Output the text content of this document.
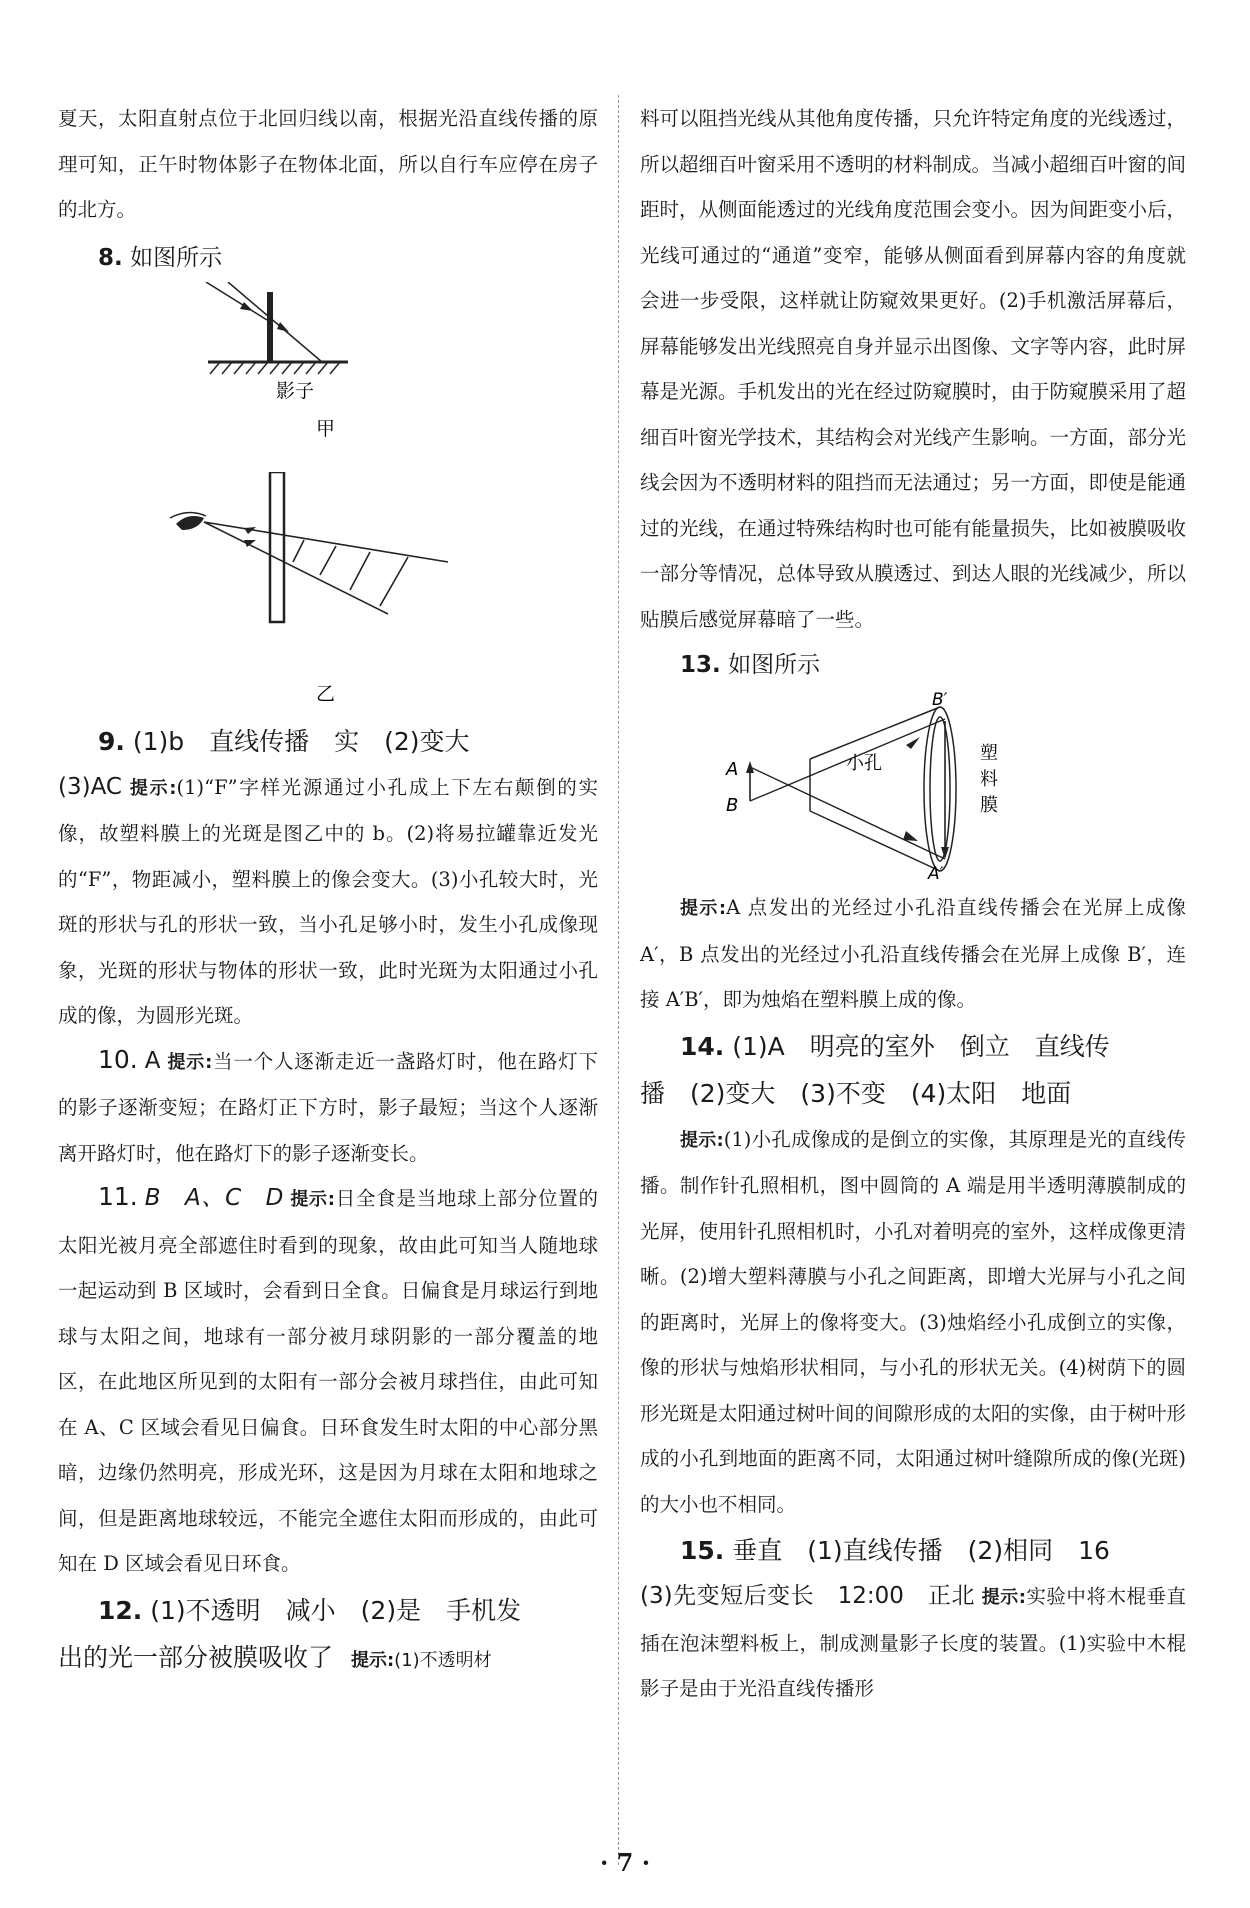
夏天，太阳直射点位于北回归线以南，根据光沿直线传播的原理可知，正午时物体影子在物体北面，所以自行车应停在房子的北方。

8. 如图所示

影子
甲
乙

9. (1)b　直线传播　实　(2)变大

(3)AC 提示:(1)“F”字样光源通过小孔成上下左右颠倒的实像，故塑料膜上的光斑是图乙中的 b。(2)将易拉罐靠近发光的“F”，物距减小，塑料膜上的像会变大。(3)小孔较大时，光斑的形状与孔的形状一致，当小孔足够小时，发生小孔成像现象，光斑的形状与物体的形状一致，此时光斑为太阳通过小孔成的像，为圆形光斑。

10. A 提示:当一个人逐渐走近一盏路灯时，他在路灯下的影子逐渐变短；在路灯正下方时，影子最短；当这个人逐渐离开路灯时，他在路灯下的影子逐渐变长。

11. B　A、C　D 提示:日全食是当地球上部分位置的太阳光被月亮全部遮住时看到的现象，故由此可知当人随地球一起运动到 B 区域时，会看到日全食。日偏食是月球运行到地球与太阳之间，地球有一部分被月球阴影的一部分覆盖的地区，在此地区所见到的太阳有一部分会被月球挡住，由此可知在 A、C 区域会看见日偏食。日环食发生时太阳的中心部分黑暗，边缘仍然明亮，形成光环，这是因为月球在太阳和地球之间，但是距离地球较远，不能完全遮住太阳而形成的，由此可知在 D 区域会看见日环食。

12. (1)不透明　减小　(2)是　手机发

出的光一部分被膜吸收了 提示:(1)不透明材

料可以阻挡光线从其他角度传播，只允许特定角度的光线透过，所以超细百叶窗采用不透明的材料制成。当减小超细百叶窗的间距时，从侧面能透过的光线角度范围会变小。因为间距变小后，光线可通过的“通道”变窄，能够从侧面看到屏幕内容的角度就会进一步受限，这样就让防窥效果更好。(2)手机激活屏幕后，屏幕能够发出光线照亮自身并显示出图像、文字等内容，此时屏幕是光源。手机发出的光在经过防窥膜时，由于防窥膜采用了超细百叶窗光学技术，其结构会对光线产生影响。一方面，部分光线会因为不透明材料的阻挡而无法通过；另一方面，即使是能通过的光线，在通过特殊结构时也可能有能量损失，比如被膜吸收一部分等情况，总体导致从膜透过、到达人眼的光线减少，所以贴膜后感觉屏幕暗了一些。

13. 如图所示

A
B
小孔
B′
A′
塑
料
膜

提示:A 点发出的光经过小孔沿直线传播会在光屏上成像 A′，B 点发出的光经过小孔沿直线传播会在光屏上成像 B′，连接 A′B′，即为烛焰在塑料膜上成的像。

14. (1)A　明亮的室外　倒立　直线传

播　(2)变大　(3)不变　(4)太阳　地面

提示:(1)小孔成像成的是倒立的实像，其原理是光的直线传播。制作针孔照相机，图中圆筒的 A 端是用半透明薄膜制成的光屏，使用针孔照相机时，小孔对着明亮的室外，这样成像更清晰。(2)增大塑料薄膜与小孔之间距离，即增大光屏与小孔之间的距离时，光屏上的像将变大。(3)烛焰经小孔成倒立的实像，像的形状与烛焰形状相同，与小孔的形状无关。(4)树荫下的圆形光斑是太阳通过树叶间的间隙形成的太阳的实像，由于树叶形成的小孔到地面的距离不同，太阳通过树叶缝隙所成的像(光斑)的大小也不相同。

15. 垂直　(1)直线传播　(2)相同　16

(3)先变短后变长　12:00　正北 提示:实验中将木棍垂直插在泡沫塑料板上，制成测量影子长度的装置。(1)实验中木棍影子是由于光沿直线传播形

· 7 ·
